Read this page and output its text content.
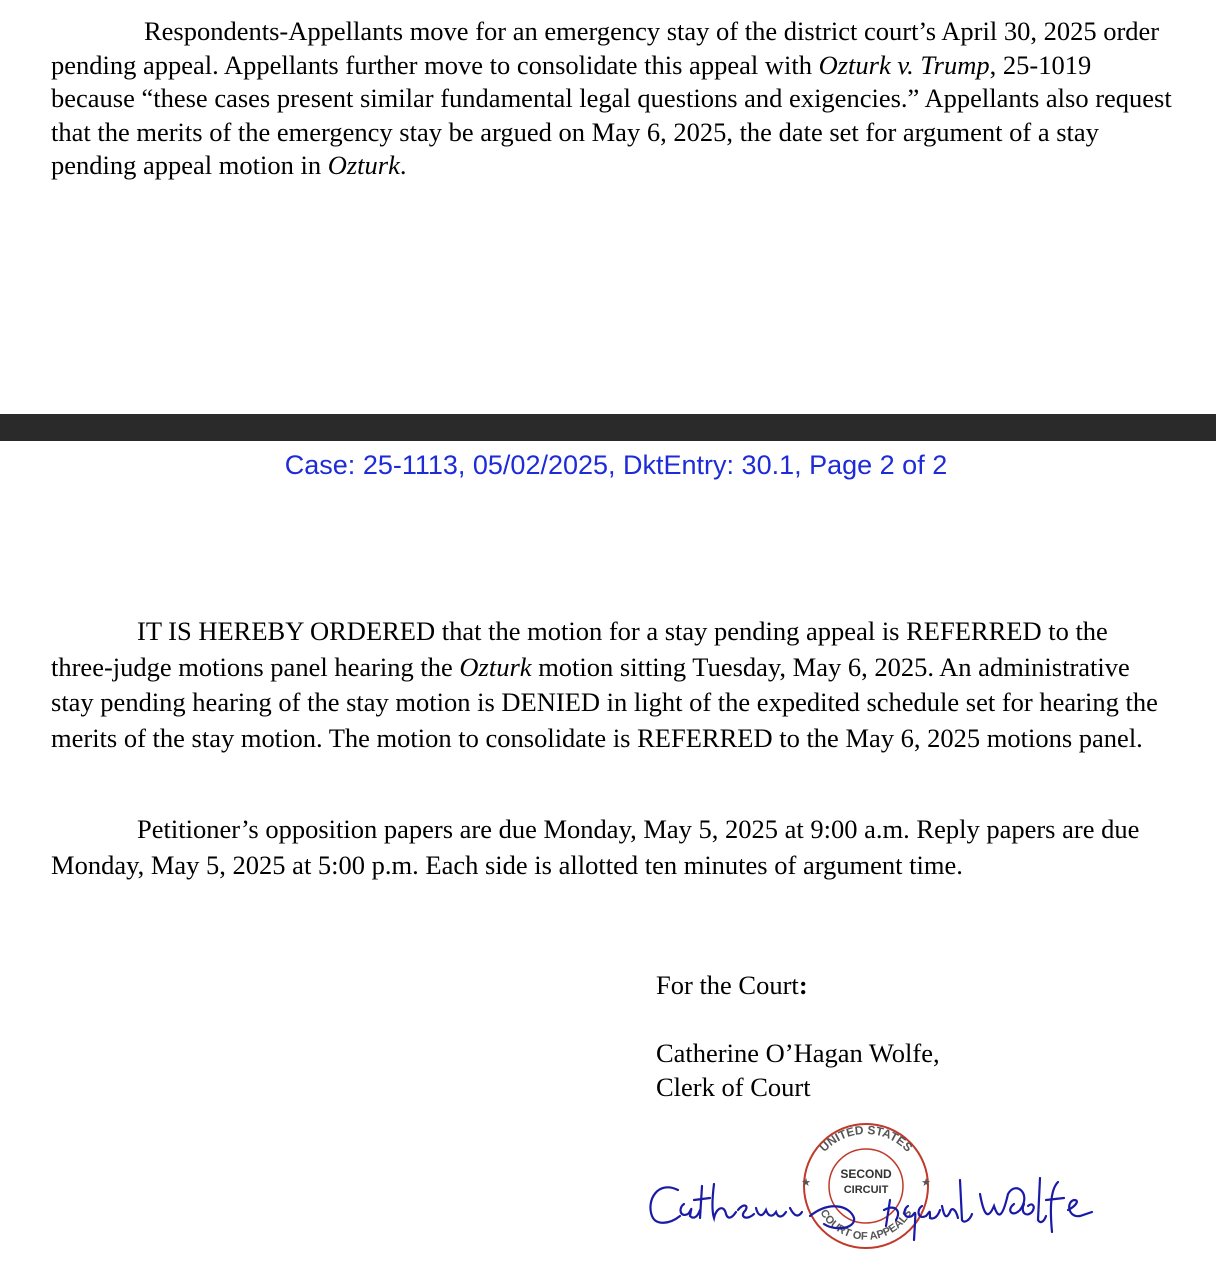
Respondents-Appellants move for an emergency stay of the district court’s April 30, 2025 order pending appeal. Appellants further move to consolidate this appeal with Ozturk v. Trump, 25-1019 because “these cases present similar fundamental legal questions and exigencies.” Appellants also request that the merits of the emergency stay be argued on May 6, 2025, the date set for argument of a stay pending appeal motion in Ozturk.

Case: 25-1113, 05/02/2025, DktEntry: 30.1, Page 2 of 2

IT IS HEREBY ORDERED that the motion for a stay pending appeal is REFERRED to the three-judge motions panel hearing the Ozturk motion sitting Tuesday, May 6, 2025. An administrative stay pending hearing of the stay motion is DENIED in light of the expedited schedule set for hearing the merits of the stay motion. The motion to consolidate is REFERRED to the May 6, 2025 motions panel.

Petitioner’s opposition papers are due Monday, May 5, 2025 at 9:00 a.m. Reply papers are due Monday, May 5, 2025 at 5:00 p.m. Each side is allotted ten minutes of argument time.

For the Court:
Catherine O’Hagan Wolfe,
Clerk of Court
UNITED STATES
COURT OF APPEALS
SECOND
CIRCUIT
★	★
